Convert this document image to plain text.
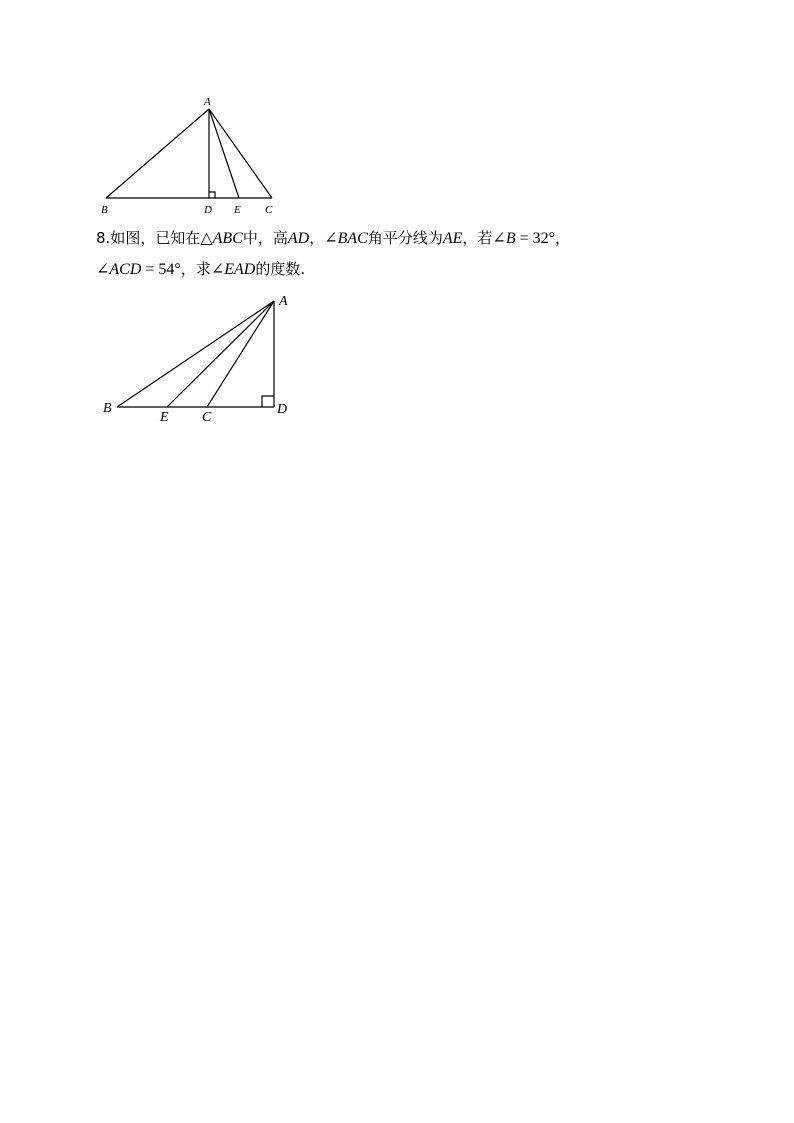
A
B	D E C
8.如图，已知在△ABC中，高AD，∠BAC角平分线为AE，若∠B = 32°，
∠ACD = 54°，求∠EAD的度数.
A
B
E C
D
